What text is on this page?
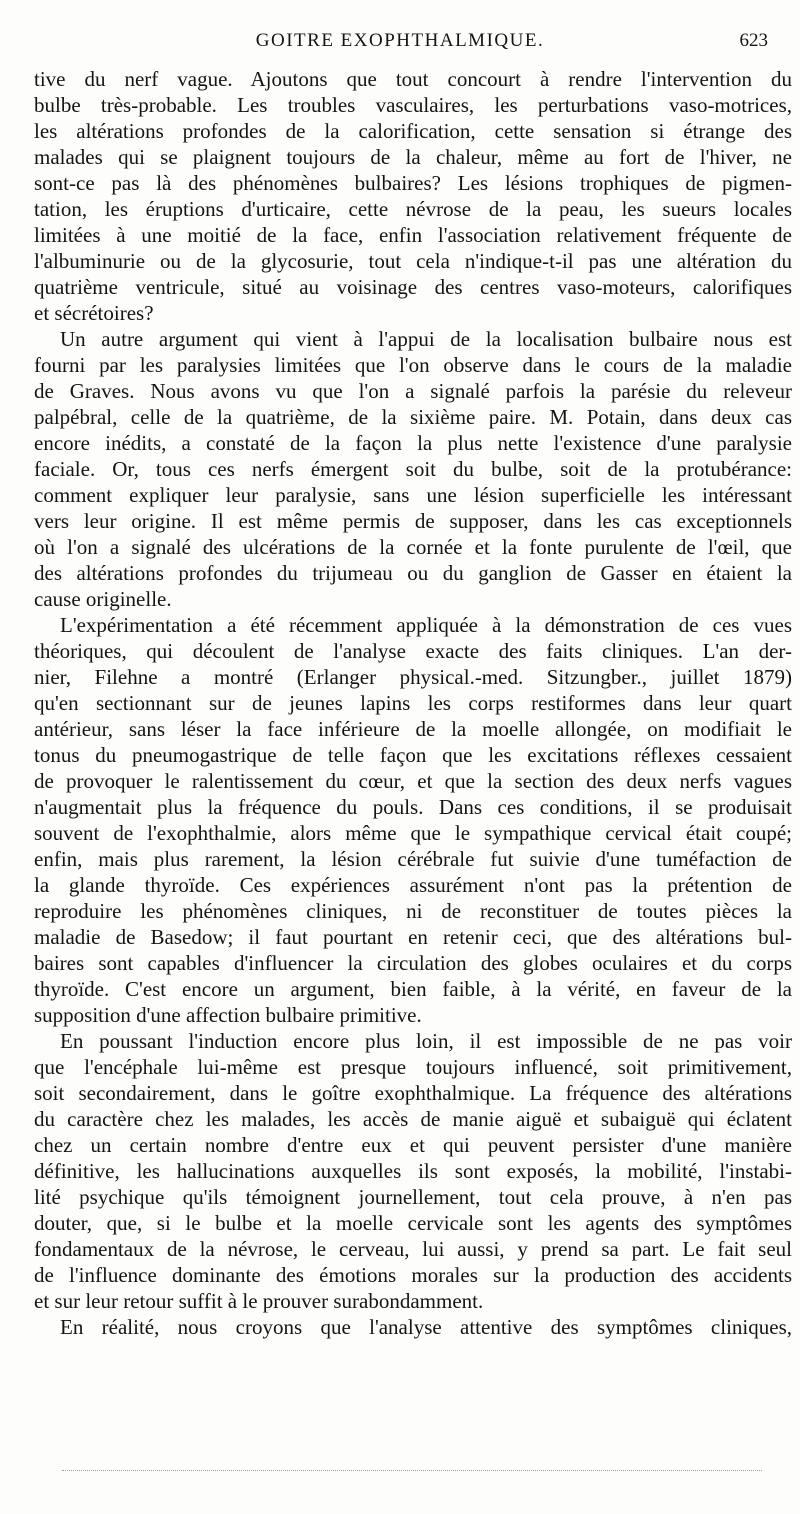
GOITRE EXOPHTHALMIQUE.	623
tive du nerf vague. Ajoutons que tout concourt à rendre l'intervention du
bulbe très-probable. Les troubles vasculaires, les perturbations vaso-motrices,
les altérations profondes de la calorification, cette sensation si étrange des
malades qui se plaignent toujours de la chaleur, même au fort de l'hiver, ne
sont-ce pas là des phénomènes bulbaires? Les lésions trophiques de pigmen-
tation, les éruptions d'urticaire, cette névrose de la peau, les sueurs locales
limitées à une moitié de la face, enfin l'association relativement fréquente de
l'albuminurie ou de la glycosurie, tout cela n'indique-t-il pas une altération du
quatrième ventricule, situé au voisinage des centres vaso-moteurs, calorifiques
et sécrétoires?
Un autre argument qui vient à l'appui de la localisation bulbaire nous est
fourni par les paralysies limitées que l'on observe dans le cours de la maladie
de Graves. Nous avons vu que l'on a signalé parfois la parésie du releveur
palpébral, celle de la quatrième, de la sixième paire. M. Potain, dans deux cas
encore inédits, a constaté de la façon la plus nette l'existence d'une paralysie
faciale. Or, tous ces nerfs émergent soit du bulbe, soit de la protubérance:
comment expliquer leur paralysie, sans une lésion superficielle les intéressant
vers leur origine. Il est même permis de supposer, dans les cas exceptionnels
où l'on a signalé des ulcérations de la cornée et la fonte purulente de l'œil, que
des altérations profondes du trijumeau ou du ganglion de Gasser en étaient la
cause originelle.
L'expérimentation a été récemment appliquée à la démonstration de ces vues
théoriques, qui découlent de l'analyse exacte des faits cliniques. L'an der-
nier, Filehne a montré (Erlanger physical.-med. Sitzungber., juillet 1879)
qu'en sectionnant sur de jeunes lapins les corps restiformes dans leur quart
antérieur, sans léser la face inférieure de la moelle allongée, on modifiait le
tonus du pneumogastrique de telle façon que les excitations réflexes cessaient
de provoquer le ralentissement du cœur, et que la section des deux nerfs vagues
n'augmentait plus la fréquence du pouls. Dans ces conditions, il se produisait
souvent de l'exophthalmie, alors même que le sympathique cervical était coupé;
enfin, mais plus rarement, la lésion cérébrale fut suivie d'une tuméfaction de
la glande thyroïde. Ces expériences assurément n'ont pas la prétention de
reproduire les phénomènes cliniques, ni de reconstituer de toutes pièces la
maladie de Basedow; il faut pourtant en retenir ceci, que des altérations bul-
baires sont capables d'influencer la circulation des globes oculaires et du corps
thyroïde. C'est encore un argument, bien faible, à la vérité, en faveur de la
supposition d'une affection bulbaire primitive.
En poussant l'induction encore plus loin, il est impossible de ne pas voir
que l'encéphale lui-même est presque toujours influencé, soit primitivement,
soit secondairement, dans le goître exophthalmique. La fréquence des altérations
du caractère chez les malades, les accès de manie aiguë et subaiguë qui éclatent
chez un certain nombre d'entre eux et qui peuvent persister d'une manière
définitive, les hallucinations auxquelles ils sont exposés, la mobilité, l'instabi-
lité psychique qu'ils témoignent journellement, tout cela prouve, à n'en pas
douter, que, si le bulbe et la moelle cervicale sont les agents des symptômes
fondamentaux de la névrose, le cerveau, lui aussi, y prend sa part. Le fait seul
de l'influence dominante des émotions morales sur la production des accidents
et sur leur retour suffit à le prouver surabondamment.
En réalité, nous croyons que l'analyse attentive des symptômes cliniques,
